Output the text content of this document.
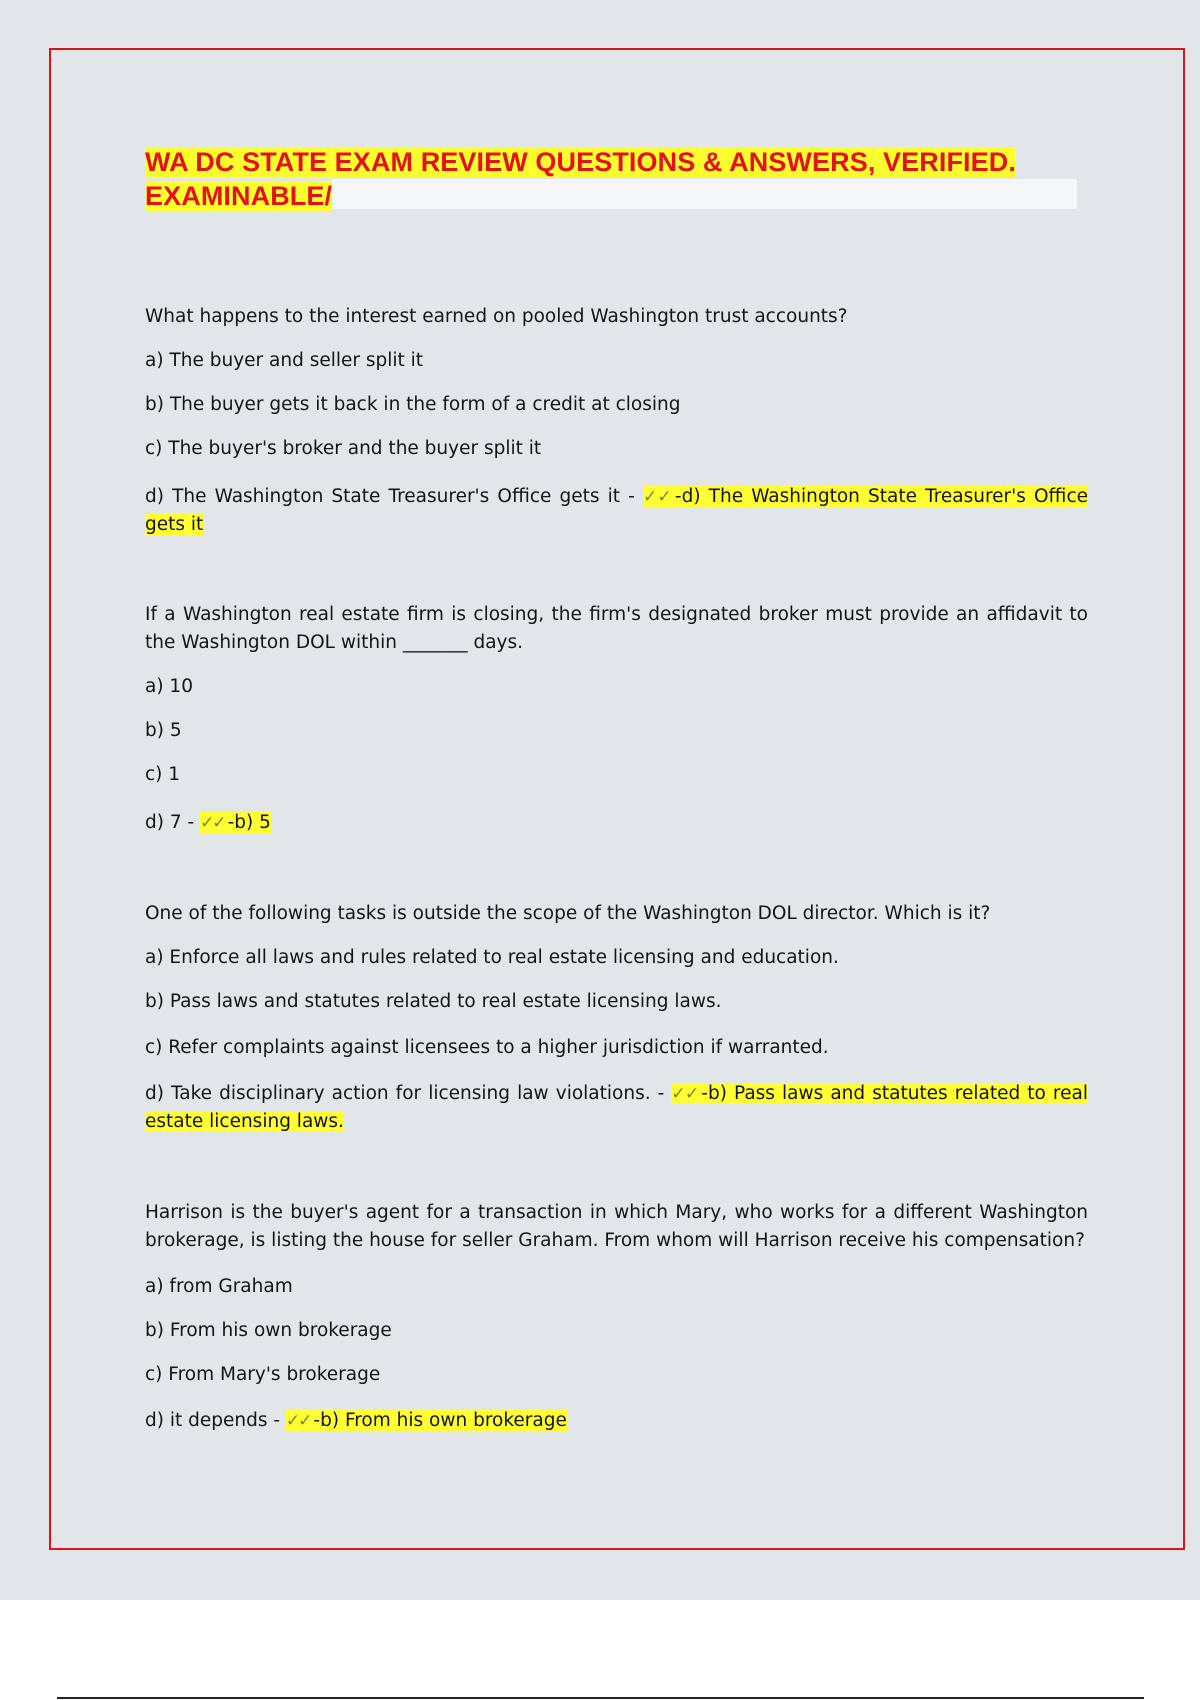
WA DC STATE EXAM REVIEW QUESTIONS & ANSWERS, VERIFIED.
EXAMINABLE/

What happens to the interest earned on pooled Washington trust accounts?

a) The buyer and seller split it

b) The buyer gets it back in the form of a credit at closing

c) The buyer's broker and the buyer split it

d) The Washington State Treasurer's Office gets it - ✓✓ -d) The Washington State Treasurer's Office gets it

If a Washington real estate firm is closing, the firm's designated broker must provide an affidavit to the Washington DOL within _______ days.

a) 10

b) 5

c) 1

d) 7 - ✓✓ -b) 5

One of the following tasks is outside the scope of the Washington DOL director. Which is it?

a) Enforce all laws and rules related to real estate licensing and education.

b) Pass laws and statutes related to real estate licensing laws.

c) Refer complaints against licensees to a higher jurisdiction if warranted.

d) Take disciplinary action for licensing law violations. - ✓✓ -b) Pass laws and statutes related to real estate licensing laws.

Harrison is the buyer's agent for a transaction in which Mary, who works for a different Washington brokerage, is listing the house for seller Graham. From whom will Harrison receive his compensation?

a) from Graham

b) From his own brokerage

c) From Mary's brokerage

d) it depends - ✓✓ -b) From his own brokerage
